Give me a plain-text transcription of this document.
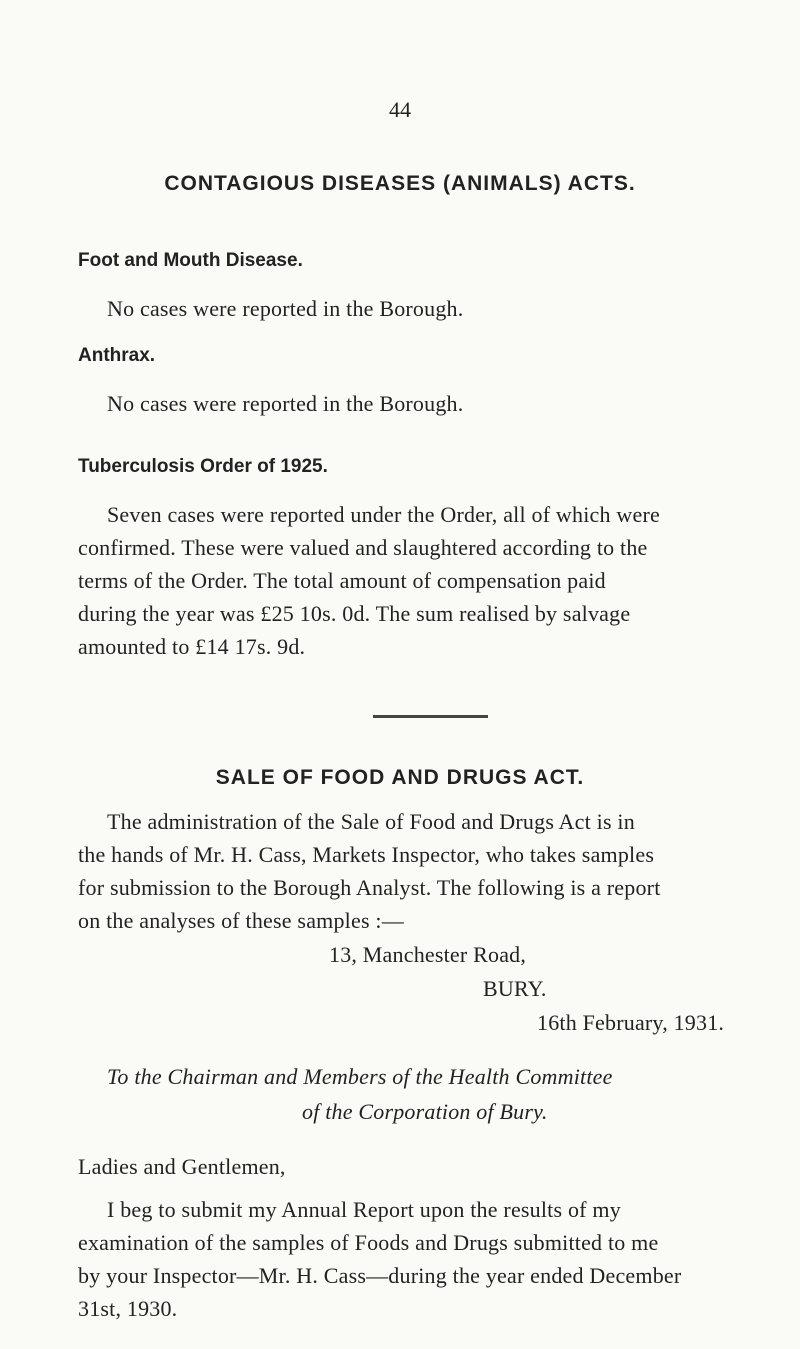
44
CONTAGIOUS DISEASES (ANIMALS) ACTS.
Foot and Mouth Disease.
No cases were reported in the Borough.
Anthrax.
No cases were reported in the Borough.
Tuberculosis Order of 1925.
Seven cases were reported under the Order, all of which were
confirmed. These were valued and slaughtered according to the
terms of the Order. The total amount of compensation paid
during the year was £25 10s. 0d. The sum realised by salvage
amounted to £14 17s. 9d.
SALE OF FOOD AND DRUGS ACT.
The administration of the Sale of Food and Drugs Act is in
the hands of Mr. H. Cass, Markets Inspector, who takes samples
for submission to the Borough Analyst. The following is a report
on the analyses of these samples :—
13, Manchester Road,
BURY.
16th February, 1931.
To the Chairman and Members of the Health Committee
of the Corporation of Bury.
Ladies and Gentlemen,
I beg to submit my Annual Report upon the results of my
examination of the samples of Foods and Drugs submitted to me
by your Inspector—Mr. H. Cass—during the year ended December
31st, 1930.
